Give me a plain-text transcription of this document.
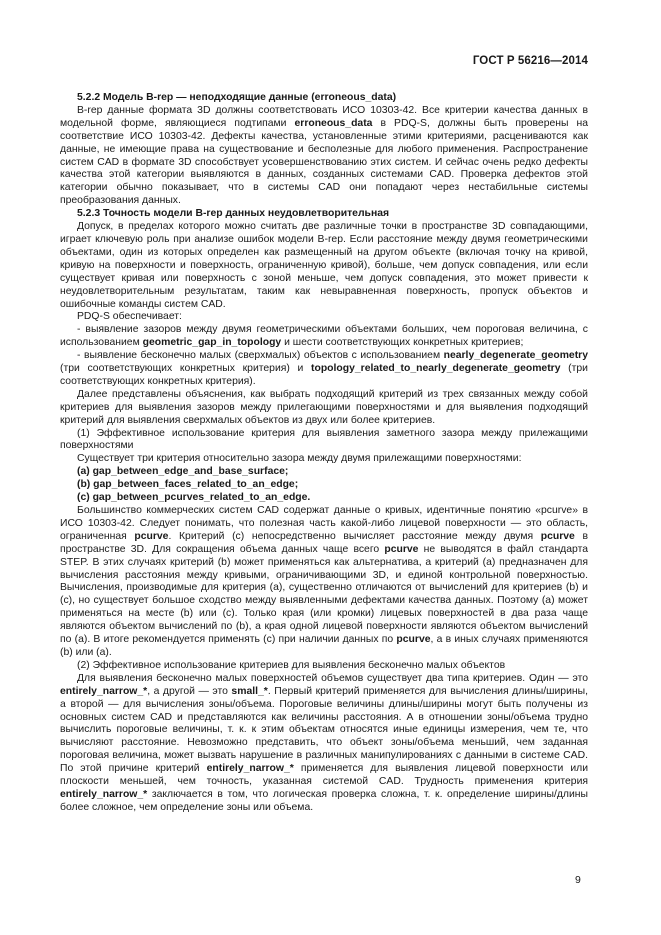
ГОСТ Р 56216—2014

5.2.2 Модель B-rep — неподходящие данные (erroneous_data)

B-rep данные формата 3D должны соответствовать ИСО 10303-42. Все критерии качества данных в модельной форме, являющиеся подтипами erroneous_data в PDQ-S, должны быть проверены на соответствие ИСО 10303-42. Дефекты качества, установленные этими критериями, расцениваются как данные, не имеющие права на существование и бесполезные для любого применения. Распространение систем CAD в формате 3D способствует усовершенствованию этих систем. И сейчас очень редко дефекты качества этой категории выявляются в данных, созданных системами CAD. Проверка дефектов этой категории обычно показывает, что в системы CAD они попадают через нестабильные системы преобразования данных.

5.2.3 Точность модели B-rep данных неудовлетворительная

Допуск, в пределах которого можно считать две различные точки в пространстве 3D совпадающими, играет ключевую роль при анализе ошибок модели B-rep. Если расстояние между двумя геометрическими объектами, один из которых определен как размещенный на другом объекте (включая точку на кривой, кривую на поверхности и поверхность, ограниченную кривой), больше, чем допуск совпадения, или если существует кривая или поверхность с зоной меньше, чем допуск совпадения, это может привести к неудовлетворительным результатам, таким как невыравненная поверхность, пропуск объектов и ошибочные команды систем CAD.

PDQ-S обеспечивает:

- выявление зазоров между двумя геометрическими объектами больших, чем пороговая величина, с использованием geometric_gap_in_topology и шести соответствующих конкретных критериев;

- выявление бесконечно малых (сверхмалых) объектов с использованием nearly_degenerate_geometry (три соответствующих конкретных критерия) и topology_related_to_nearly_degenerate_geometry (три соответствующих конкретных критерия).

Далее представлены объяснения, как выбрать подходящий критерий из трех связанных между собой критериев для выявления зазоров между прилегающими поверхностями и для выявления подходящий критерий для выявления сверхмалых объектов из двух или более критериев.

(1) Эффективное использование критерия для выявления заметного зазора между прилежащими поверхностями

Существует три критерия относительно зазора между двумя прилежащими поверхностями:

(a) gap_between_edge_and_base_surface;

(b) gap_between_faces_related_to_an_edge;

(c) gap_between_pcurves_related_to_an_edge.

Большинство коммерческих систем CAD содержат данные о кривых, идентичные понятию «pcurve» в ИСО 10303-42. Следует понимать, что полезная часть какой-либо лицевой поверхности — это область, ограниченная pcurve. Критерий (c) непосредственно вычисляет расстояние между двумя pcurve в пространстве 3D. Для сокращения объема данных чаще всего pcurve не выводятся в файл стандарта STEP. В этих случаях критерий (b) может применяться как альтернатива, а критерий (a) предназначен для вычисления расстояния между кривыми, ограничивающими 3D, и единой контрольной поверхностью. Вычисления, производимые для критерия (a), существенно отличаются от вычислений для критериев (b) и (c), но существует большое сходство между выявленными дефектами качества данных. Поэтому (a) может применяться на месте (b) или (c). Только края (или кромки) лицевых поверхностей в два раза чаще являются объектом вычислений по (b), а края одной лицевой поверхности являются объектом вычислений по (a). В итоге рекомендуется применять (c) при наличии данных по pcurve, а в иных случаях применяются (b) или (a).

(2) Эффективное использование критериев для выявления бесконечно малых объектов

Для выявления бесконечно малых поверхностей объемов существует два типа критериев. Один — это entirely_narrow_*, а другой — это small_*. Первый критерий применяется для вычисления длины/ширины, а второй — для вычисления зоны/объема. Пороговые величины длины/ширины могут быть получены из основных систем CAD и представляются как величины расстояния. А в отношении зоны/объема трудно вычислить пороговые величины, т. к. к этим объектам относятся иные единицы измерения, чем те, что вычисляют расстояние. Невозможно представить, что объект зоны/объема меньший, чем заданная пороговая величина, может вызвать нарушение в различных манипулированиях с данными в системе CAD. По этой причине критерий entirely_narrow_* применяется для выявления лицевой поверхности или плоскости меньшей, чем точность, указанная системой CAD. Трудность применения критерия entirely_narrow_* заключается в том, что логическая проверка сложна, т. к. определение ширины/длины более сложное, чем определение зоны или объема.

9
